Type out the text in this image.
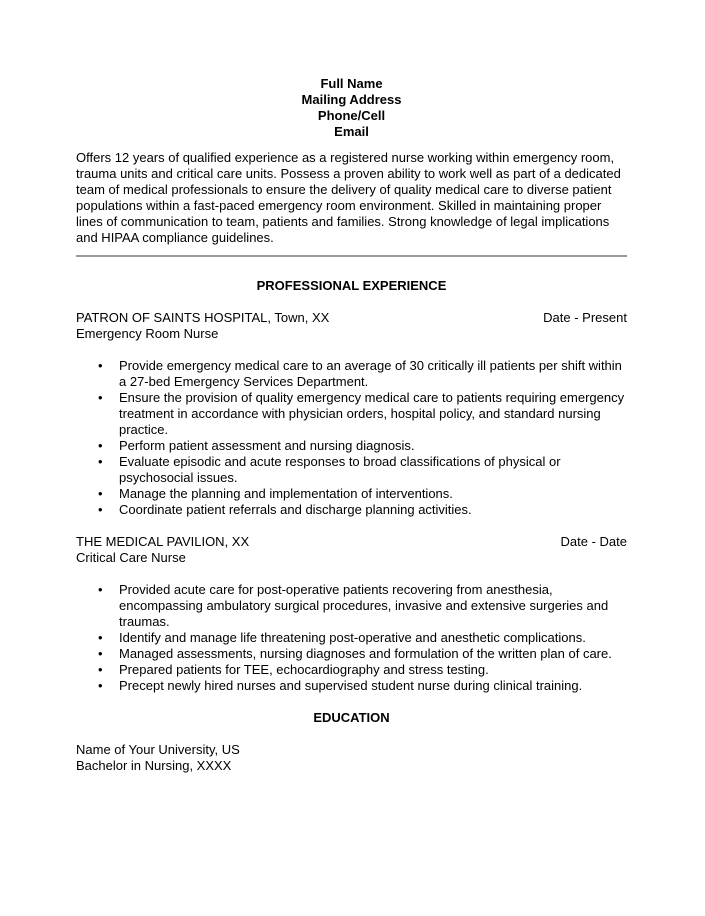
Full Name
Mailing Address
Phone/Cell
Email

Offers 12 years of qualified experience as a registered nurse working within emergency room, trauma units and critical care units. Possess a proven ability to work well as part of a dedicated team of medical professionals to ensure the delivery of quality medical care to diverse patient populations within a fast-paced emergency room environment. Skilled in maintaining proper lines of communication to team, patients and families. Strong knowledge of legal implications and HIPAA compliance guidelines.

PROFESSIONAL EXPERIENCE
PATRON OF SAINTS HOSPITAL, Town, XX	Date - Present
Emergency Room Nurse
• Provide emergency medical care to an average of 30 critically ill patients per shift within a 27-bed Emergency Services Department.
• Ensure the provision of quality emergency medical care to patients requiring emergency treatment in accordance with physician orders, hospital policy, and standard nursing practice.
• Perform patient assessment and nursing diagnosis.
• Evaluate episodic and acute responses to broad classifications of physical or psychosocial issues.
• Manage the planning and implementation of interventions.
• Coordinate patient referrals and discharge planning activities.
THE MEDICAL PAVILION, XX	Date - Date
Critical Care Nurse
• Provided acute care for post-operative patients recovering from anesthesia, encompassing ambulatory surgical procedures, invasive and extensive surgeries and traumas.
• Identify and manage life threatening post-operative and anesthetic complications.
• Managed assessments, nursing diagnoses and formulation of the written plan of care.
• Prepared patients for TEE, echocardiography and stress testing.
• Precept newly hired nurses and supervised student nurse during clinical training.
EDUCATION
Name of Your University, US
Bachelor in Nursing, XXXX
